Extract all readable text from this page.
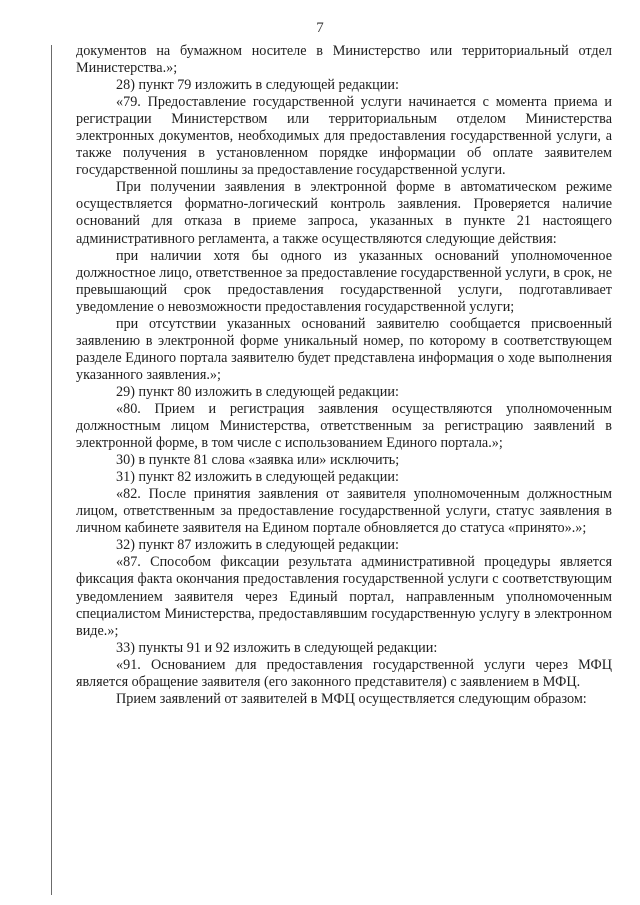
7

документов на бумажном носителе в Министерство или территориальный отдел Министерства.»;

28) пункт 79 изложить в следующей редакции:

«79. Предоставление государственной услуги начинается с момента приема и регистрации Министерством или территориальным отделом Министерства электронных документов, необходимых для предоставления государственной услуги, а также получения в установленном порядке информации об оплате заявителем государственной пошлины за предоставление государственной услуги.

При получении заявления в электронной форме в автоматическом режиме осуществляется форматно-логический контроль заявления. Проверяется наличие оснований для отказа в приеме запроса, указанных в пункте 21 настоящего административного регламента, а также осуществляются следующие действия:

при наличии хотя бы одного из указанных оснований уполномоченное должностное лицо, ответственное за предоставление государственной услуги, в срок, не превышающий срок предоставления государственной услуги, подготавливает уведомление о невозможности предоставления государственной услуги;

при отсутствии указанных оснований заявителю сообщается присвоенный заявлению в электронной форме уникальный номер, по которому в соответствующем разделе Единого портала заявителю будет представлена информация о ходе выполнения указанного заявления.»;

29) пункт 80 изложить в следующей редакции:

«80. Прием и регистрация заявления осуществляются уполномоченным должностным лицом Министерства, ответственным за регистрацию заявлений в электронной форме, в том числе с использованием Единого портала.»;

30) в пункте 81 слова «заявка или» исключить;

31) пункт 82 изложить в следующей редакции:

«82. После принятия заявления от заявителя уполномоченным должностным лицом, ответственным за предоставление государственной услуги, статус заявления в личном кабинете заявителя на Едином портале обновляется до статуса «принято».»;

32) пункт 87 изложить в следующей редакции:

«87. Способом фиксации результата административной процедуры является фиксация факта окончания предоставления государственной услуги с соответствующим уведомлением заявителя через Единый портал, направленным уполномоченным специалистом Министерства, предоставлявшим государственную услугу в электронном виде.»;

33) пункты 91 и 92 изложить в следующей редакции:

«91. Основанием для предоставления государственной услуги через МФЦ является обращение заявителя (его законного представителя) с заявлением в МФЦ.

Прием заявлений от заявителей в МФЦ осуществляется следующим образом:
